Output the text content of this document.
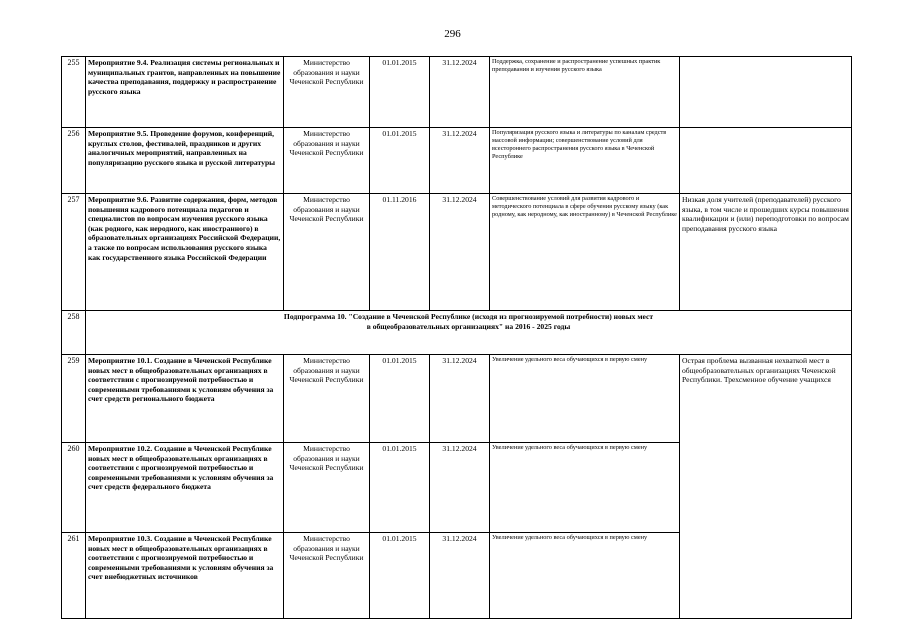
296
255	Мероприятие 9.4. Реализация системы региональных и муниципальных грантов, направленных на повышение качества преподавания, поддержку и распространение русского языка	Министерство образования и науки Чеченской Республики	01.01.2015	31.12.2024	Поддержка, сохранение и распространение успешных практик преподавания и изучения русского языка	
256	Мероприятие 9.5. Проведение форумов, конференций, круглых столов, фестивалей, праздников и других аналогичных мероприятий, направленных на популяризацию русского языка и русской литературы	Министерство образования и науки Чеченской Республики	01.01.2015	31.12.2024	Популяризация русского языка и литературы по каналам средств массовой информации; совершенствование условий для всестороннего распространения русского языка в Чеченской Республике	
257	Мероприятие 9.6. Развитие содержания, форм, методов повышения кадрового потенциала педагогов и специалистов по вопросам изучения русского языка (как родного, как неродного, как иностранного) в образовательных организациях Российской Федерации, а также по вопросам использования русского языка как государственного языка Российской Федерации	Министерство образования и науки Чеченской Республики	01.11.2016	31.12.2024	Совершенствование условий для развития кадрового и методического потенциала в сфере обучения русскому языку (как родному, как неродному, как иностранному) в Чеченской Республике	Низкая доля учителей (преподавателей) русского языка, в том числе и прошедших курсы повышения квалификации и (или) переподготовки по вопросам преподавания русского языка
258	Подпрограмма 10. "Создание в Чеченской Республике (исходя из прогнозируемой потребности) новых мест
в общеобразовательных организациях" на 2016 - 2025 годы					

259	Мероприятие 10.1. Создание в Чеченской Республике новых мест в общеобразовательных организациях в соответствии с прогнозируемой потребностью и современными требованиями к условиям обучения за счет средств регионального бюджета	Министерство образования и науки Чеченской Республики	01.01.2015	31.12.2024	Увеличение удельного веса обучающихся в первую смену	Острая проблема вызванная нехваткой мест в общеобразовательных организациях Чеченской Республики. Трехсменное обучение учащихся
260	Мероприятие 10.2. Создание в Чеченской Республике новых мест в общеобразовательных организациях в соответствии с прогнозируемой потребностью и современными требованиями к условиям обучения за счет средств федерального бюджета	Министерство образования и науки Чеченской Республики	01.01.2015	31.12.2024	Увеличение удельного веса обучающихся в первую смену	
261	Мероприятие 10.3. Создание в Чеченской Республике новых мест в общеобразовательных организациях в соответствии с прогнозируемой потребностью и современными требованиями к условиям обучения за счет внебюджетных источников	Министерство образования и науки Чеченской Республики	01.01.2015	31.12.2024	Увеличение удельного веса обучающихся в первую смену	
